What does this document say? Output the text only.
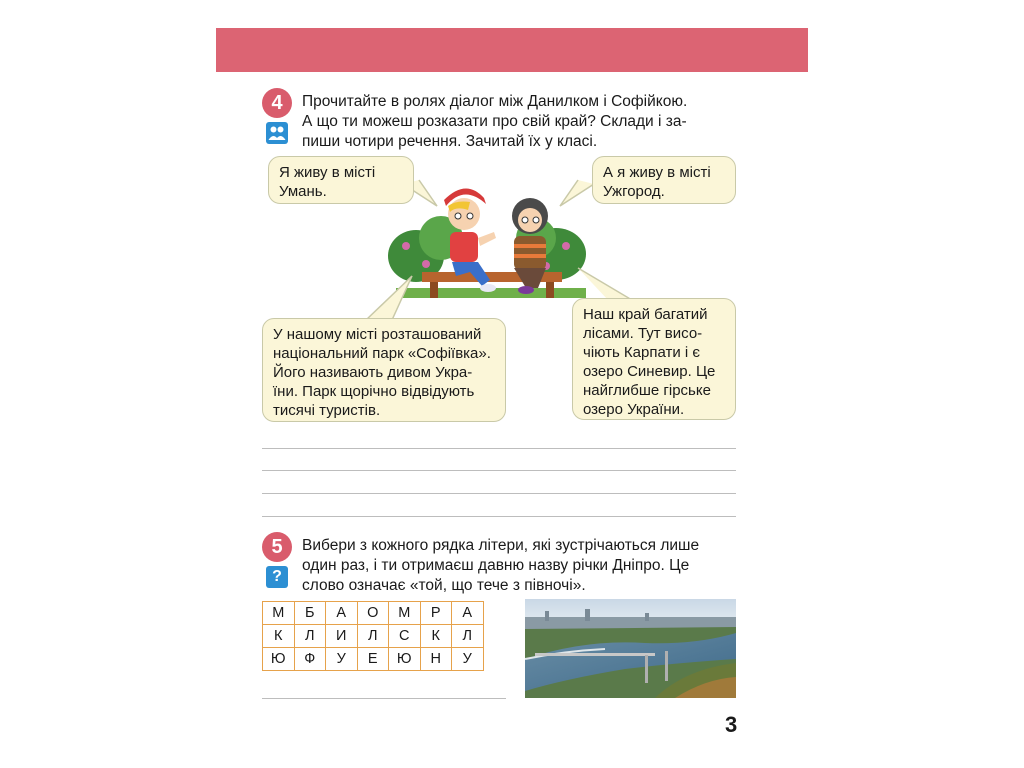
4	Прочитайте в ролях діалог між Данилком і Софійкою.
А що ти можеш розказати про свій край? Склади і за-
пиши чотири речення. Зачитай їх у класі.
Я живу в місті
Умань.
А я живу в місті
Ужгород.
У нашому місті розташований
національний парк «Софіївка».
Його називають дивом Укра-
їни. Парк щорічно відвідують
тисячі туристів.
Наш край багатий
лісами. Тут висо-
чіють Карпати і є
озеро Синевир. Це
найглибше гірське
озеро України.
5
?
Вибери з кожного рядка літери, які зустрічаються лише
один раз, і ти отримаєш давню назву річки Дніпро. Це
слово означає «той, що тече з півночі».
М	Б	А	О	М	Р	А
К	Л	И	Л	С	К	Л
Ю	Ф	У	Е	Ю	Н	У
3
